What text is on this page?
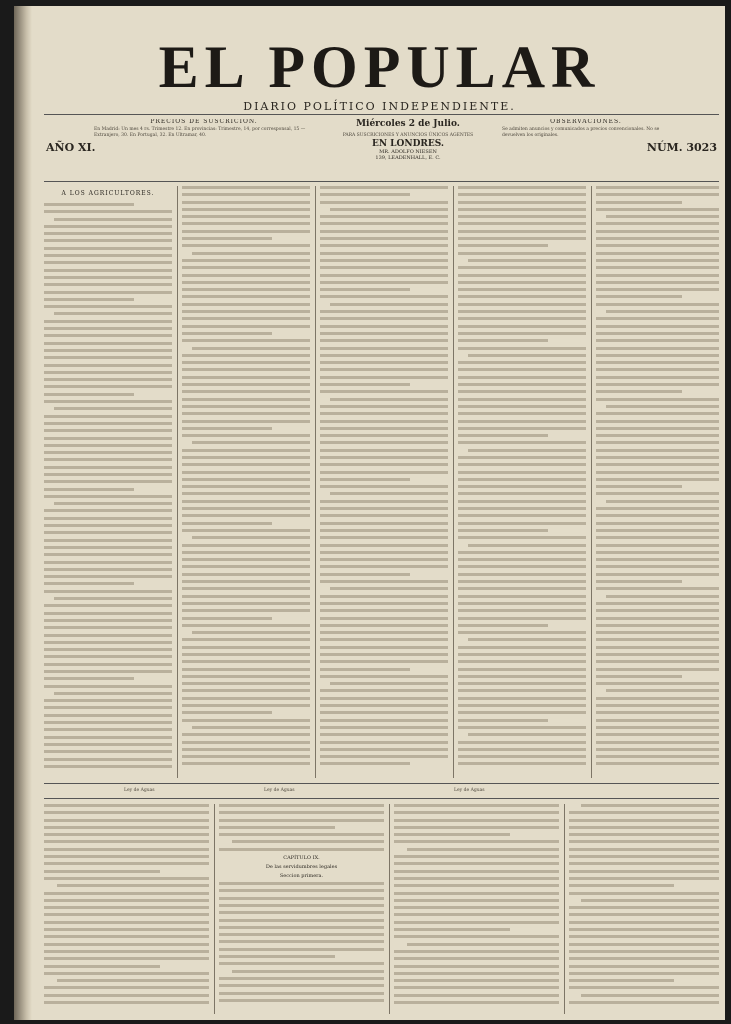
EL POPULAR
DIARIO POLÍTICO INDEPENDIENTE.
AÑO XI.
PRECIOS DE SUSCRICION.
En Madrid: Un mes 4 rs. Trimestre 12. En provincias: Trimestre, 14, por corresponsal, 15 — Extranjero, 30. En Portugal, 32. En Ultramar, 40.
Miércoles 2 de Julio.
PARA SUSCRICIONES Y ANUNCIOS ÚNICOS AGENTES
EN LONDRES.
MR. ADOLFO NIESEN
139, LEADENHALL, E. C.
OBSERVACIONES.
Se admiten anuncios y comunicados a precios convencionales. No se devuelven los originales.
NÚM. 3023
A LOS AGRICULTORES.
Ley de Aguas	Ley de Aguas	Ley de Aguas
CAPÍTULO IX.
De las servidumbres legales
Seccion primera.
